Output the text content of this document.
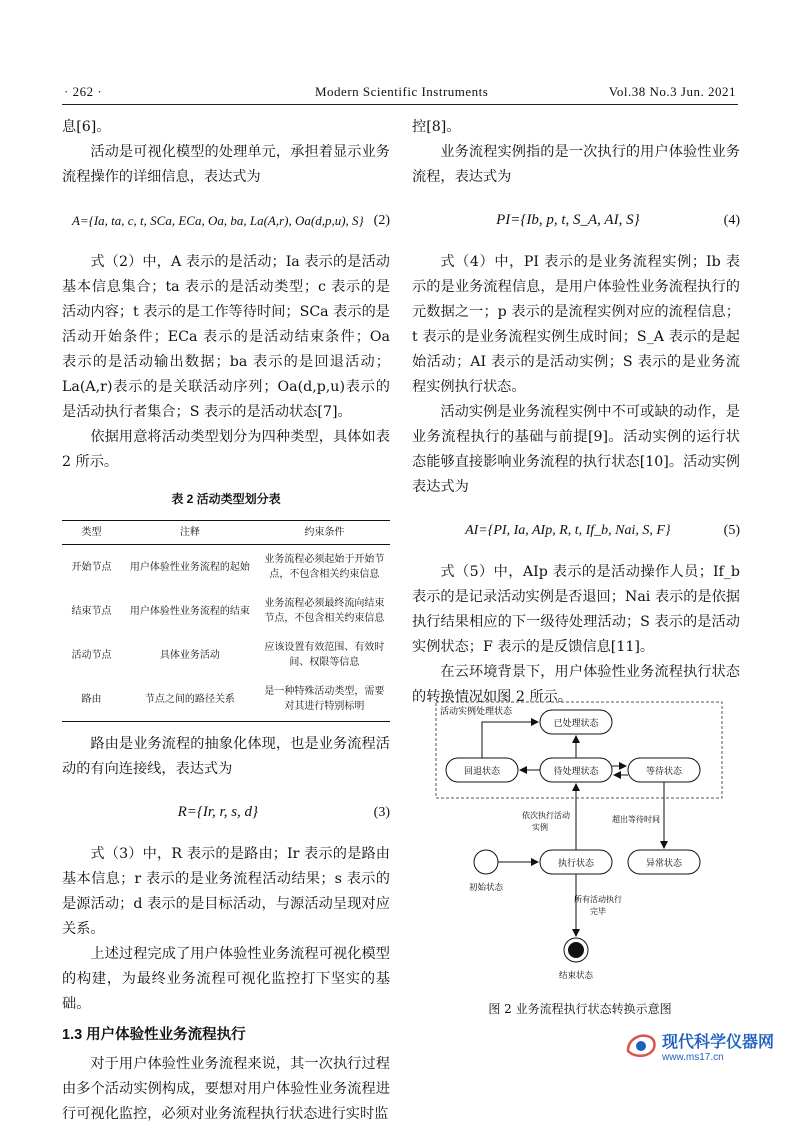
· 262 ·	Modern Scientific Instruments	Vol.38 No.3 Jun. 2021

息[6]。

活动是可视化模型的处理单元，承担着显示业务流程操作的详细信息，表达式为

A={Ia, ta, c, t, SCa, ECa, Oa, ba, La(A,r), Oa(d,p,u), S} (2)

式（2）中，A 表示的是活动；Ia 表示的是活动基本信息集合；ta 表示的是活动类型；c 表示的是活动内容；t 表示的是工作等待时间；SCa 表示的是活动开始条件；ECa 表示的是活动结束条件；Oa 表示的是活动输出数据；ba 表示的是回退活动；La(A,r)表示的是关联活动序列；Oa(d,p,u)表示的是活动执行者集合；S 表示的是活动状态[7]。

依据用意将活动类型划分为四种类型，具体如表 2 所示。

表 2 活动类型划分表
类型	注释	约束条件
开始节点	用户体验性业务流程的起始	业务流程必须起始于开始节点，不包含相关约束信息
结束节点	用户体验性业务流程的结束	业务流程必须最终流向结束节点，不包含相关约束信息
活动节点	具体业务活动	应该设置有效范围、有效时间、权限等信息
路由	节点之间的路径关系	是一种特殊活动类型，需要对其进行特别标明

路由是业务流程的抽象化体现，也是业务流程活动的有向连接线，表达式为

R={Ir, r, s, d}	(3)

式（3）中，R 表示的是路由；Ir 表示的是路由基本信息；r 表示的是业务流程活动结果；s 表示的是源活动；d 表示的是目标活动，与源活动呈现对应关系。

上述过程完成了用户体验性业务流程可视化模型的构建，为最终业务流程可视化监控打下坚实的基础。

1.3 用户体验性业务流程执行

对于用户体验性业务流程来说，其一次执行过程由多个活动实例构成，要想对用户体验性业务流程进行可视化监控，必须对业务流程执行状态进行实时监

控[8]。

业务流程实例指的是一次执行的用户体验性业务流程，表达式为

PI={Ib, p, t, S_A, AI, S}	(4)

式（4）中，PI 表示的是业务流程实例；Ib 表示的是业务流程信息，是用户体验性业务流程执行的元数据之一；p 表示的是流程实例对应的流程信息；t 表示的是业务流程实例生成时间；S_A 表示的是起始活动；AI 表示的是活动实例；S 表示的是业务流程实例执行状态。

活动实例是业务流程实例中不可或缺的动作，是业务流程执行的基础与前提[9]。活动实例的运行状态能够直接影响业务流程的执行状态[10]。活动实例表达式为

AI={PI, Ia, AIp, R, t, If_b, Nai, S, F}	(5)

式（5）中，AIp 表示的是活动操作人员；If_b 表示的是记录活动实例是否退回；Nai 表示的是依据执行结果相应的下一级待处理活动；S 表示的是活动实例状态；F 表示的是反馈信息[11]。

在云环境背景下，用户体验性业务流程执行状态的转换情况如图 2 所示。

活动实例处理状态
已处理状态
回退状态	待处理状态	等待状态
执行状态
依次执行活动
实例
异常状态
超出等待时间
初始状态
所有活动执行
完毕
结束状态
图 2 业务流程执行状态转换示意图
现代科学仪器网
www.ms17.cn
